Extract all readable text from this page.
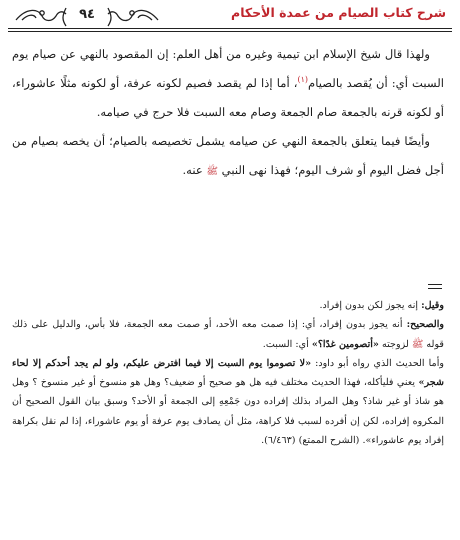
شرح كتاب الصيام من عمدة الأحكام
٩٤

ولهذا قال شيخ الإسلام ابن تيمية وغيره من أهل العلم: إن المقصود بالنهي عن صيام يوم السبت أي: أن يُقصد بالصيام$^{(١)}$، أما إذا لم يقصد فصيم لكونه عرفة، أو لكونه مثلًا عاشوراء، أو لكونه قرنه بالجمعة صام الجمعة وصام معه السبت فلا حرج في صيامه.

وأيضًا فيما يتعلق بالجمعة النهي عن صيامه يشمل تخصيصه بالصيام؛ أن يخصه بصيام من أجل فضل اليوم أو شرف اليوم؛ فهذا نهى النبي ﷺ عنه.

وقيل: إنه يجوز لكن بدون إفراد.

والصحيح: أنه يجوز بدون إفراد، أي: إذا صمت معه الأحد، أو صمت معه الجمعة، فلا بأس، والدليل على ذلك قوله ﷺ لزوجته «أتصومين غدًا؟» أي: السبت.

وأما الحديث الذي رواه أبو داود: «لا تصوموا يوم السبت إلا فيما افترض عليكم، ولو لم يجد أحدكم إلا لحاء شجر» يعني فليأكله، فهذا الحديث مختلف فيه هل هو صحيح أو ضعيف؟ وهل هو منسوخ أو غير منسوخ ؟ وهل هو شاذ أو غير شاذ؟ وهل المراد بذلك إفراده دون جَمْعِهِ إلى الجمعة أو الأحد؟ وسبق بيان القول الصحيح أن المكروه إفراده، لكن إن أفرده لسبب فلا كراهة، مثل أن يصادف يوم عرفة أو يوم عاشوراء، إذا لم نقل بكراهة إفراد يوم عاشوراء». (الشرح الممتع) (٦/٤٦٣).
